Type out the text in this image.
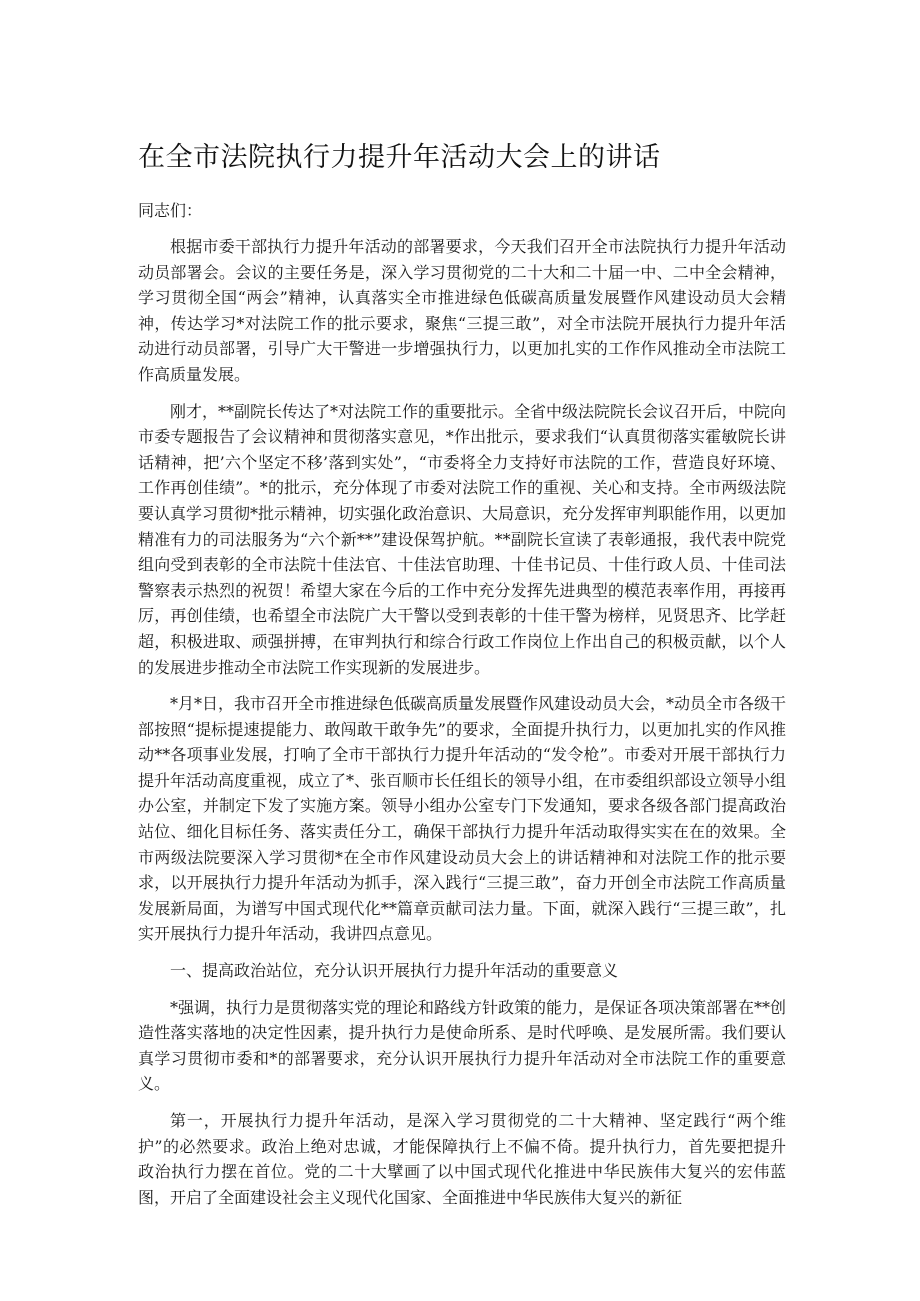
在全市法院执行力提升年活动大会上的讲话

同志们：

根据市委干部执行力提升年活动的部署要求，今天我们召开全市法院执行力提升年活动动员部署会。会议的主要任务是，深入学习贯彻党的二十大和二十届一中、二中全会精神，学习贯彻全国“两会”精神，认真落实全市推进绿色低碳高质量发展暨作风建设动员大会精神，传达学习*对法院工作的批示要求，聚焦“三提三敢”，对全市法院开展执行力提升年活动进行动员部署，引导广大干警进一步增强执行力，以更加扎实的工作作风推动全市法院工作高质量发展。

刚才，**副院长传达了*对法院工作的重要批示。全省中级法院院长会议召开后，中院向市委专题报告了会议精神和贯彻落实意见，*作出批示，要求我们“认真贯彻落实霍敏院长讲话精神，把’六个坚定不移’落到实处”，“市委将全力支持好市法院的工作，营造良好环境、工作再创佳绩”。*的批示，充分体现了市委对法院工作的重视、关心和支持。全市两级法院要认真学习贯彻*批示精神，切实强化政治意识、大局意识，充分发挥审判职能作用，以更加精准有力的司法服务为“六个新**”建设保驾护航。**副院长宣读了表彰通报，我代表中院党组向受到表彰的全市法院十佳法官、十佳法官助理、十佳书记员、十佳行政人员、十佳司法警察表示热烈的祝贺！希望大家在今后的工作中充分发挥先进典型的模范表率作用，再接再厉，再创佳绩，也希望全市法院广大干警以受到表彰的十佳干警为榜样，见贤思齐、比学赶超，积极进取、顽强拼搏，在审判执行和综合行政工作岗位上作出自己的积极贡献，以个人的发展进步推动全市法院工作实现新的发展进步。

*月*日，我市召开全市推进绿色低碳高质量发展暨作风建设动员大会，*动员全市各级干部按照“提标提速提能力、敢闯敢干敢争先”的要求，全面提升执行力，以更加扎实的作风推动**各项事业发展，打响了全市干部执行力提升年活动的“发令枪”。市委对开展干部执行力提升年活动高度重视，成立了*、张百顺市长任组长的领导小组，在市委组织部设立领导小组办公室，并制定下发了实施方案。领导小组办公室专门下发通知，要求各级各部门提高政治站位、细化目标任务、落实责任分工，确保干部执行力提升年活动取得实实在在的效果。全市两级法院要深入学习贯彻*在全市作风建设动员大会上的讲话精神和对法院工作的批示要求，以开展执行力提升年活动为抓手，深入践行“三提三敢”，奋力开创全市法院工作高质量发展新局面，为谱写中国式现代化**篇章贡献司法力量。下面，就深入践行“三提三敢”，扎实开展执行力提升年活动，我讲四点意见。

一、提高政治站位，充分认识开展执行力提升年活动的重要意义

*强调，执行力是贯彻落实党的理论和路线方针政策的能力，是保证各项决策部署在**创造性落实落地的决定性因素，提升执行力是使命所系、是时代呼唤、是发展所需。我们要认真学习贯彻市委和*的部署要求，充分认识开展执行力提升年活动对全市法院工作的重要意义。

第一，开展执行力提升年活动，是深入学习贯彻党的二十大精神、坚定践行“两个维护”的必然要求。政治上绝对忠诚，才能保障执行上不偏不倚。提升执行力，首先要把提升政治执行力摆在首位。党的二十大擘画了以中国式现代化推进中华民族伟大复兴的宏伟蓝图，开启了全面建设社会主义现代化国家、全面推进中华民族伟大复兴的新征
